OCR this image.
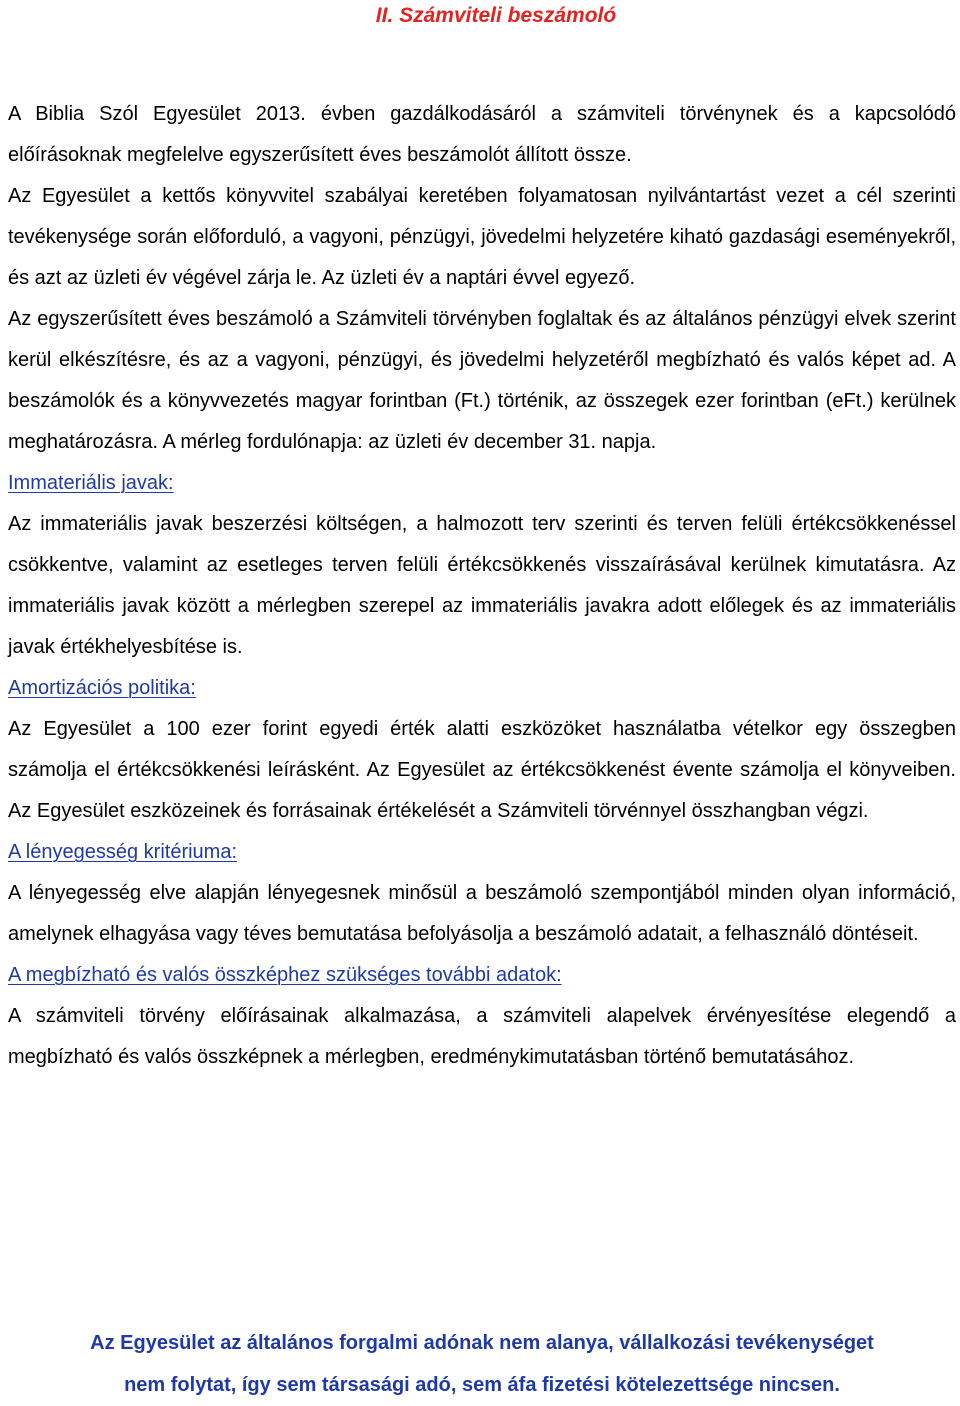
II. Számviteli beszámoló

A Biblia Szól Egyesület 2013. évben gazdálkodásáról a számviteli törvénynek és a kapcsolódó előírásoknak megfelelve egyszerűsített éves beszámolót állított össze.

Az Egyesület a kettős könyvvitel szabályai keretében folyamatosan nyilvántartást vezet a cél szerinti tevékenysége során előforduló, a vagyoni, pénzügyi, jövedelmi helyzetére kiható gazdasági eseményekről, és azt az üzleti év végével zárja le. Az üzleti év a naptári évvel egyező.

Az egyszerűsített éves beszámoló a Számviteli törvényben foglaltak és az általános pénzügyi elvek szerint kerül elkészítésre, és az a vagyoni, pénzügyi, és jövedelmi helyzetéről megbízható és valós képet ad. A beszámolók és a könyvvezetés magyar forintban (Ft.) történik, az összegek ezer forintban (eFt.) kerülnek meghatározásra. A mérleg fordulónapja: az üzleti év december 31. napja.

Immateriális javak:

Az immateriális javak beszerzési költségen, a halmozott terv szerinti és terven felüli értékcsökkenéssel csökkentve, valamint az esetleges terven felüli értékcsökkenés visszaírásával kerülnek kimutatásra. Az immateriális javak között a mérlegben szerepel az immateriális javakra adott előlegek és az immateriális javak értékhelyesbítése is.

Amortizációs politika:

Az Egyesület a 100 ezer forint egyedi érték alatti eszközöket használatba vételkor egy összegben számolja el értékcsökkenési leírásként. Az Egyesület az értékcsökkenést évente számolja el könyveiben. Az Egyesület eszközeinek és forrásainak értékelését a Számviteli törvénnyel összhangban végzi.

A lényegesség kritériuma:

A lényegesség elve alapján lényegesnek minősül a beszámoló szempontjából minden olyan információ, amelynek elhagyása vagy téves bemutatása befolyásolja a beszámoló adatait, a felhasználó döntéseit.

A megbízható és valós összképhez szükséges további adatok:

A számviteli törvény előírásainak alkalmazása, a számviteli alapelvek érvényesítése elegendő a megbízható és valós összképnek a mérlegben, eredménykimutatásban történő bemutatásához.

Az Egyesület az általános forgalmi adónak nem alanya, vállalkozási tevékenységet

nem folytat, így sem társasági adó, sem áfa fizetési kötelezettsége nincsen.
